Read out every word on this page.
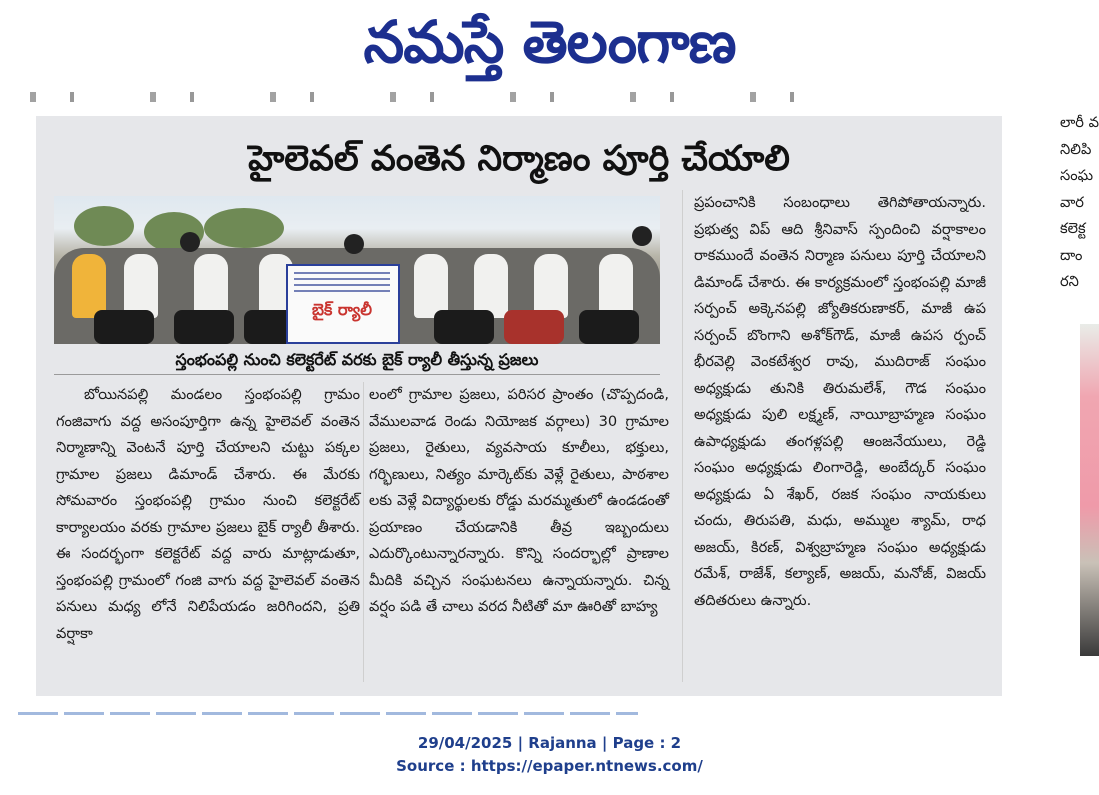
నమస్తే తెలంగాణ
హైలెవల్ వంతెన నిర్మాణం పూర్తి చేయాలి
బైక్ ర్యాలీ
స్తంభంపల్లి నుంచి కలెక్టరేట్ వరకు బైక్ ర్యాలీ తీస్తున్న ప్రజలు

బోయినపల్లి మండలం స్తంభంపల్లి గ్రామం గంజివాగు వద్ద అసంపూర్తిగా ఉన్న హైలెవల్ వంతెన నిర్మాణాన్ని వెంటనే పూర్తి చేయాలని చుట్టు పక్కల గ్రామాల ప్రజలు డిమాండ్ చేశారు. ఈ మేరకు సోమవారం స్తంభంపల్లి గ్రామం నుంచి కలెక్టరేట్ కార్యాలయం వరకు గ్రామాల ప్రజలు బైక్ ర్యాలీ తీశారు. ఈ సందర్భంగా కలెక్టరేట్ వద్ద వారు మాట్లాడుతూ, స్తంభంపల్లి గ్రామంలో గంజి వాగు వద్ద హైలెవల్ వంతెన పనులు మధ్య లోనే నిలిపేయడం జరిగిందని, ప్రతి వర్షాకా

లంలో గ్రామాల ప్రజలు, పరిసర ప్రాంతం (చొప్పదండి, వేములవాడ రెండు నియోజక వర్గాలు) 30 గ్రామాల ప్రజలు, రైతులు, వ్యవసాయ కూలీలు, భక్తులు, గర్భిణులు, నిత్యం మార్కెట్‌కు వెళ్లే రైతులు, పాఠశాల లకు వెళ్లే విద్యార్థులకు రోడ్డు మరమ్మతులో ఉండడంతో ప్రయాణం చేయడానికి తీవ్ర ఇబ్బందులు ఎదుర్కొంటున్నారన్నారు. కొన్ని సందర్భాల్లో ప్రాణాల మీదికి వచ్చిన సంఘటనలు ఉన్నాయన్నారు. చిన్న వర్షం పడి తే చాలు వరద నీటితో మా ఊరితో బాహ్య

ప్రపంచానికి సంబంధాలు తెగిపోతాయన్నారు. ప్రభుత్వ విప్ ఆది శ్రీనివాస్ స్పందించి వర్షాకాలం రాకముందే వంతెన నిర్మాణ పనులు పూర్తి చేయాలని డిమాండ్ చేశారు. ఈ కార్యక్రమంలో స్తంభంపల్లి మాజీ సర్పంచ్ అక్కెనపల్లి జ్యోతికరుణాకర్, మాజీ ఉప సర్పంచ్ బొంగాని అశోక్‌గౌడ్, మాజీ ఉపస ర్పంచ్ భీరవెల్లి వెంకటేశ్వర రావు, ముదిరాజ్ సంఘం అధ్యక్షుడు తునికి తిరుమలేశ్, గౌడ సంఘం అధ్యక్షుడు పులి లక్ష్మణ్, నాయీబ్రాహ్మణ సంఘం ఉపాధ్యక్షుడు తంగళ్లపల్లి ఆంజనేయులు, రెడ్డి సంఘం అధ్యక్షుడు లింగారెడ్డి, అంబేద్కర్ సంఘం అధ్యక్షుడు ఏ శేఖర్, రజక సంఘం నాయకులు చందు, తిరుపతి, మధు, అమ్ముల శ్యామ్, రాధ అజయ్, కిరణ్, విశ్వబ్రాహ్మణ సంఘం అధ్యక్షుడు రమేశ్, రాజేశ్, కల్యాణ్, అజయ్, మనోజ్, విజయ్ తదితరులు ఉన్నారు.

లారీ వ
నిలిపి
సంఘ
వార
కలెక్ట
దాం
రని
29/04/2025 | Rajanna | Page : 2
Source : https://epaper.ntnews.com/
